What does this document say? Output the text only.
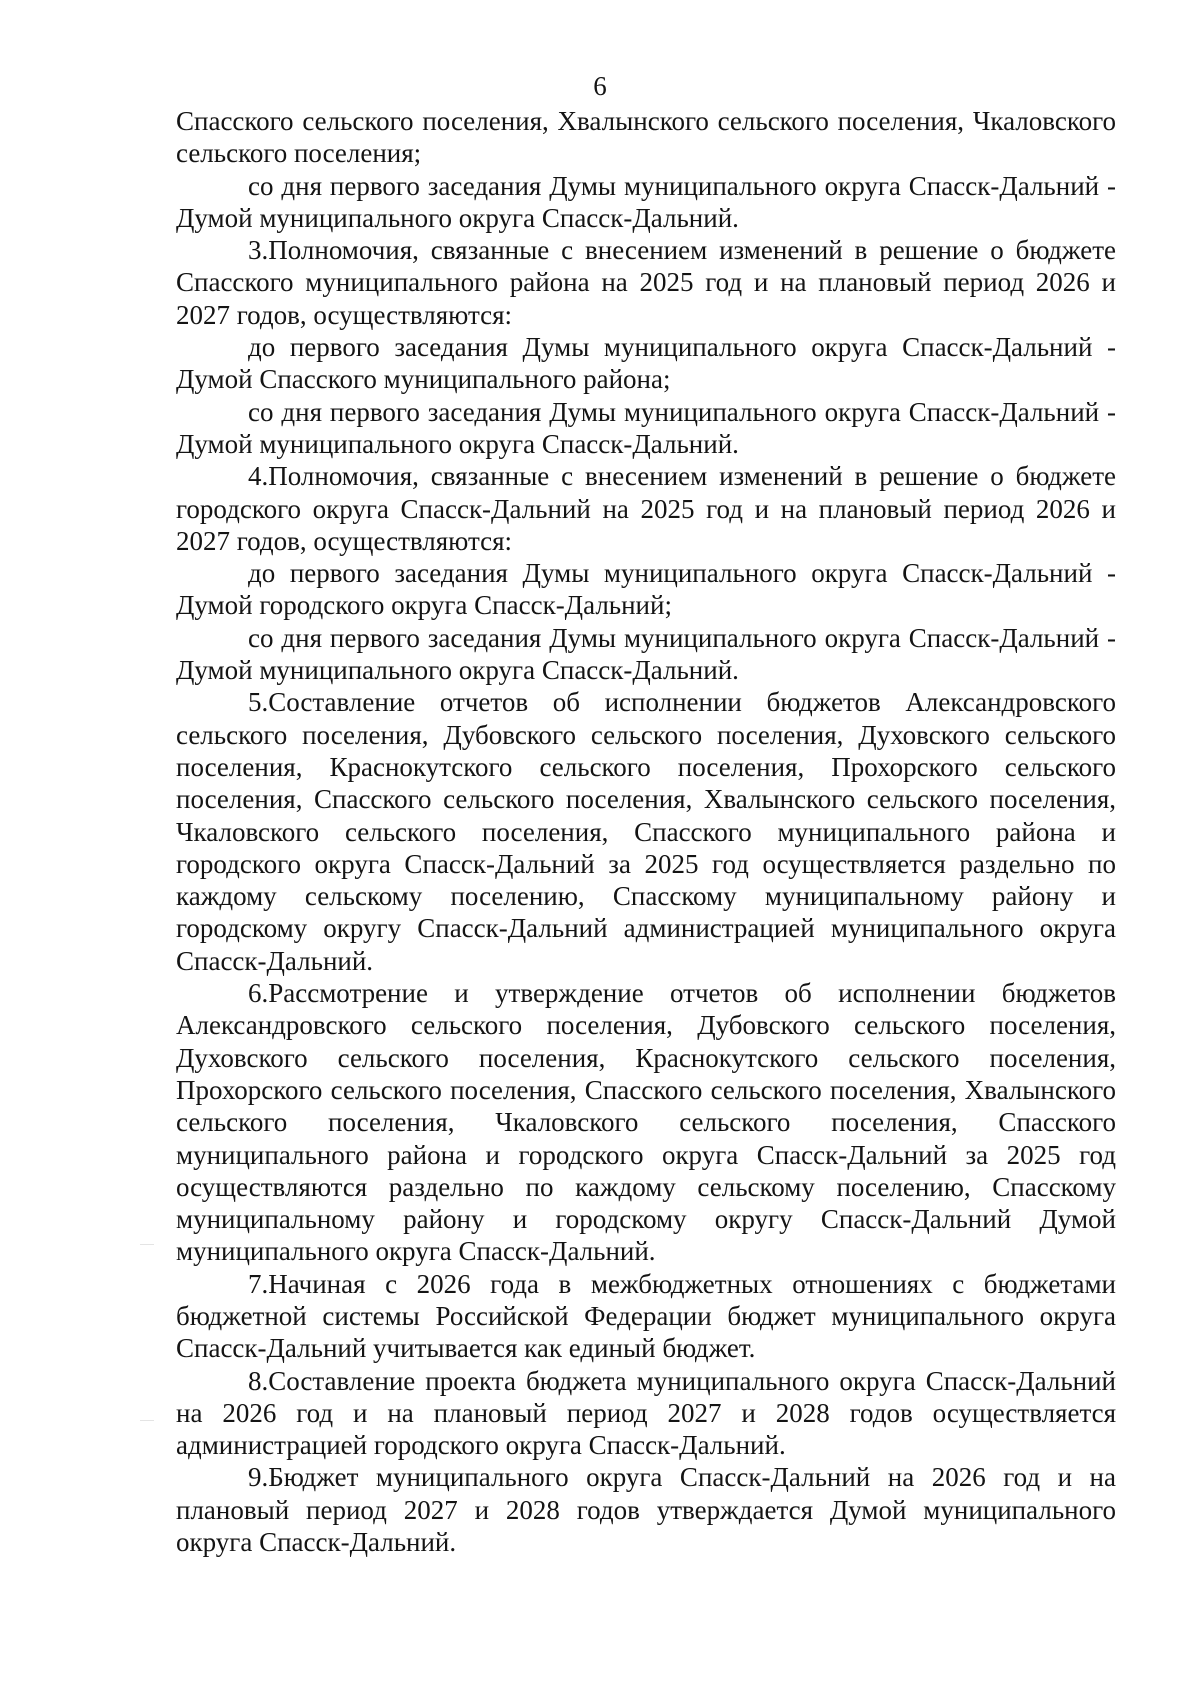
6

Спасского сельского поселения, Хвалынского сельского поселения, Чкаловского сельского поселения;

со дня первого заседания Думы муниципального округа Спасск-Дальний - Думой муниципального округа Спасск-Дальний.

3.Полномочия, связанные с внесением изменений в решение о бюджете Спасского муниципального района на 2025 год и на плановый период 2026 и 2027 годов, осуществляются:

до первого заседания Думы муниципального округа Спасск-Дальний - Думой Спасского муниципального района;

со дня первого заседания Думы муниципального округа Спасск-Дальний - Думой муниципального округа Спасск-Дальний.

4.Полномочия, связанные с внесением изменений в решение о бюджете городского округа Спасск-Дальний на 2025 год и на плановый период 2026 и 2027 годов, осуществляются:

до первого заседания Думы муниципального округа Спасск-Дальний - Думой городского округа Спасск-Дальний;

со дня первого заседания Думы муниципального округа Спасск-Дальний - Думой муниципального округа Спасск-Дальний.

5.Составление отчетов об исполнении бюджетов Александровского сельского поселения, Дубовского сельского поселения, Духовского сельского поселения, Краснокутского сельского поселения, Прохорского сельского поселения, Спасского сельского поселения, Хвалынского сельского поселения, Чкаловского сельского поселения, Спасского муниципального района и городского округа Спасск-Дальний за 2025 год осуществляется раздельно по каждому сельскому поселению, Спасскому муниципальному району и городскому округу Спасск-Дальний администрацией муниципального округа Спасск-Дальний.

6.Рассмотрение и утверждение отчетов об исполнении бюджетов Александровского сельского поселения, Дубовского сельского поселения, Духовского сельского поселения, Краснокутского сельского поселения, Прохорского сельского поселения, Спасского сельского поселения, Хвалынского сельского поселения, Чкаловского сельского поселения, Спасского муниципального района и городского округа Спасск-Дальний за 2025 год осуществляются раздельно по каждому сельскому поселению, Спасскому муниципальному району и городскому округу Спасск-Дальний Думой муниципального округа Спасск-Дальний.

7.Начиная с 2026 года в межбюджетных отношениях с бюджетами бюджетной системы Российской Федерации бюджет муниципального округа Спасск-Дальний учитывается как единый бюджет.

8.Составление проекта бюджета муниципального округа Спасск-Дальний на 2026 год и на плановый период 2027 и 2028 годов осуществляется администрацией городского округа Спасск-Дальний.

9.Бюджет муниципального округа Спасск-Дальний на 2026 год и на плановый период 2027 и 2028 годов утверждается Думой муниципального округа Спасск-Дальний.
